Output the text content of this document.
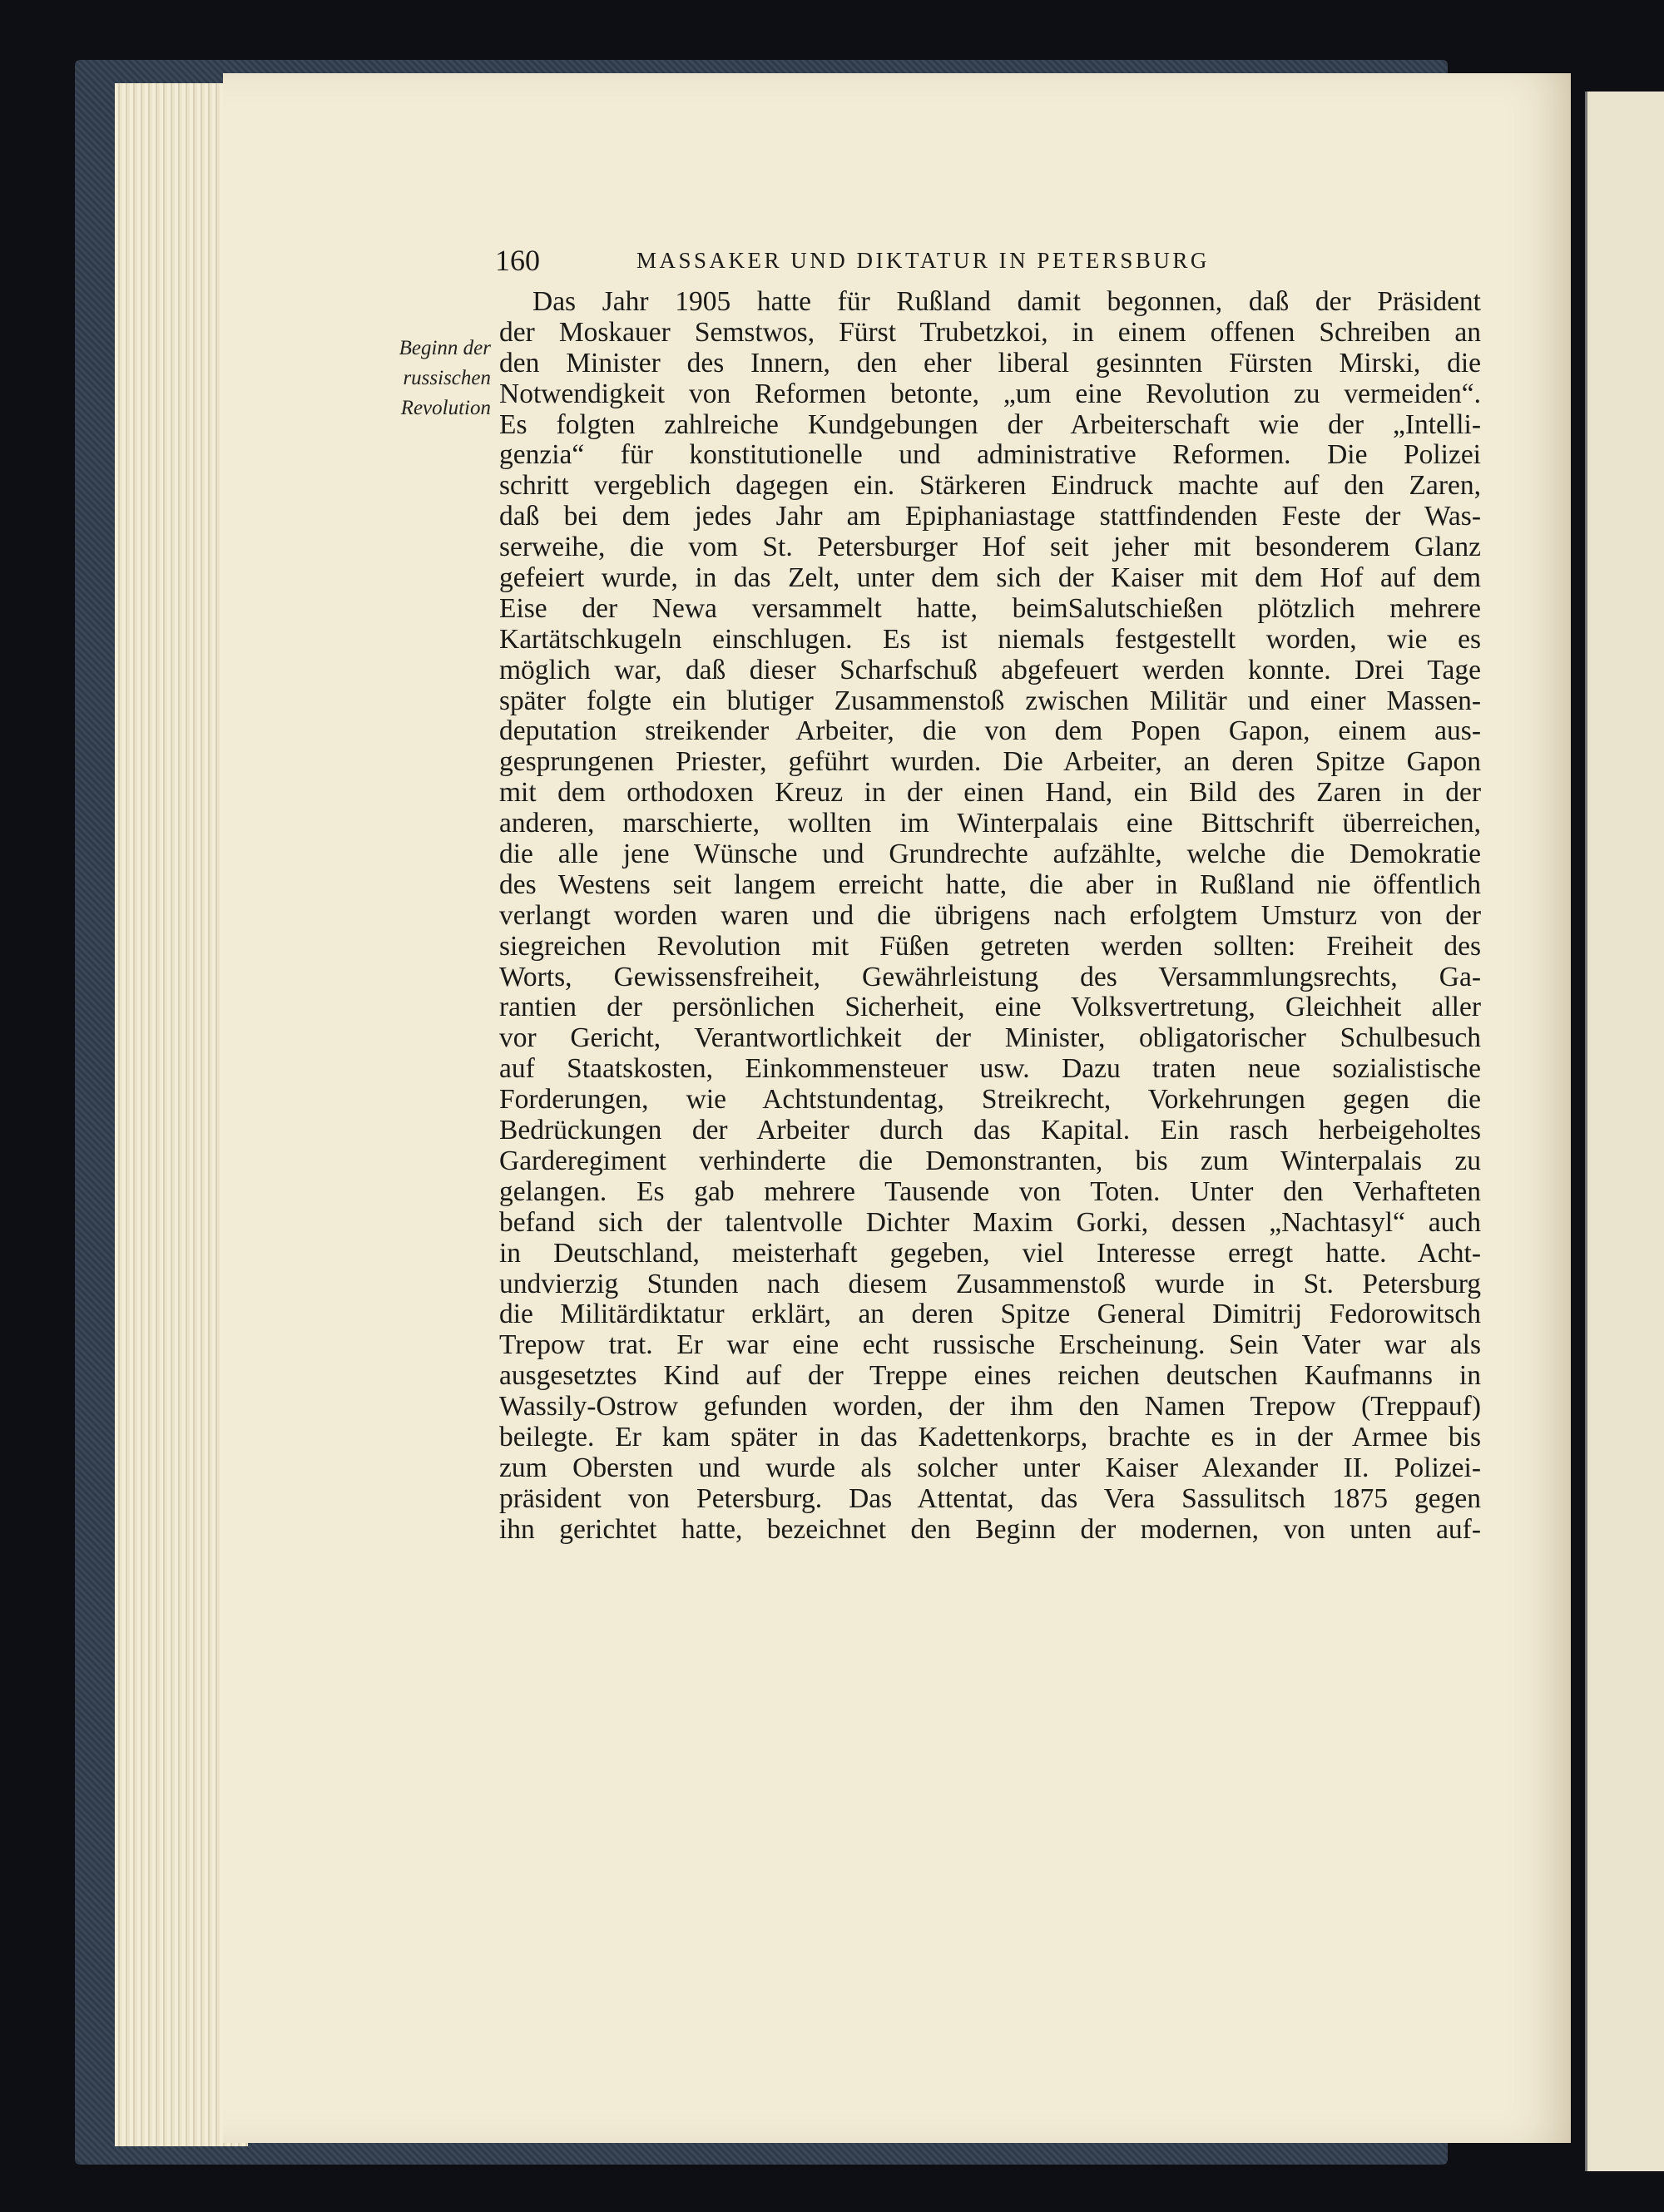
160	MASSAKER UND DIKTATUR IN PETERSBURG
Beginn der
russischen
Revolution
Das Jahr 1905 hatte für Rußland damit begonnen, daß der Präsident
der Moskauer Semstwos, Fürst Trubetzkoi, in einem offenen Schreiben an
den Minister des Innern, den eher liberal gesinnten Fürsten Mirski, die
Notwendigkeit von Reformen betonte, „um eine Revolution zu vermeiden“.
Es folgten zahlreiche Kundgebungen der Arbeiterschaft wie der „Intelli-
genzia“ für konstitutionelle und administrative Reformen. Die Polizei
schritt vergeblich dagegen ein. Stärkeren Eindruck machte auf den Zaren,
daß bei dem jedes Jahr am Epiphaniastage stattfindenden Feste der Was-
serweihe, die vom St. Petersburger Hof seit jeher mit besonderem Glanz
gefeiert wurde, in das Zelt, unter dem sich der Kaiser mit dem Hof auf dem
Eise der Newa versammelt hatte, beimSalutschießen plötzlich mehrere
Kartätschkugeln einschlugen. Es ist niemals festgestellt worden, wie es
möglich war, daß dieser Scharfschuß abgefeuert werden konnte. Drei Tage
später folgte ein blutiger Zusammenstoß zwischen Militär und einer Massen-
deputation streikender Arbeiter, die von dem Popen Gapon, einem aus-
gesprungenen Priester, geführt wurden. Die Arbeiter, an deren Spitze Gapon
mit dem orthodoxen Kreuz in der einen Hand, ein Bild des Zaren in der
anderen, marschierte, wollten im Winterpalais eine Bittschrift überreichen,
die alle jene Wünsche und Grundrechte aufzählte, welche die Demokratie
des Westens seit langem erreicht hatte, die aber in Rußland nie öffentlich
verlangt worden waren und die übrigens nach erfolgtem Umsturz von der
siegreichen Revolution mit Füßen getreten werden sollten: Freiheit des
Worts, Gewissensfreiheit, Gewährleistung des Versammlungsrechts, Ga-
rantien der persönlichen Sicherheit, eine Volksvertretung, Gleichheit aller
vor Gericht, Verantwortlichkeit der Minister, obligatorischer Schulbesuch
auf Staatskosten, Einkommensteuer usw. Dazu traten neue sozialistische
Forderungen, wie Achtstundentag, Streikrecht, Vorkehrungen gegen die
Bedrückungen der Arbeiter durch das Kapital. Ein rasch herbeigeholtes
Garderegiment verhinderte die Demonstranten, bis zum Winterpalais zu
gelangen. Es gab mehrere Tausende von Toten. Unter den Verhafteten
befand sich der talentvolle Dichter Maxim Gorki, dessen „Nachtasyl“ auch
in Deutschland, meisterhaft gegeben, viel Interesse erregt hatte. Acht-
undvierzig Stunden nach diesem Zusammenstoß wurde in St. Petersburg
die Militärdiktatur erklärt, an deren Spitze General Dimitrij Fedorowitsch
Trepow trat. Er war eine echt russische Erscheinung. Sein Vater war als
ausgesetztes Kind auf der Treppe eines reichen deutschen Kaufmanns in
Wassily-Ostrow gefunden worden, der ihm den Namen Trepow (Treppauf)
beilegte. Er kam später in das Kadettenkorps, brachte es in der Armee bis
zum Obersten und wurde als solcher unter Kaiser Alexander II. Polizei-
präsident von Petersburg. Das Attentat, das Vera Sassulitsch 1875 gegen
ihn gerichtet hatte, bezeichnet den Beginn der modernen, von unten auf-
